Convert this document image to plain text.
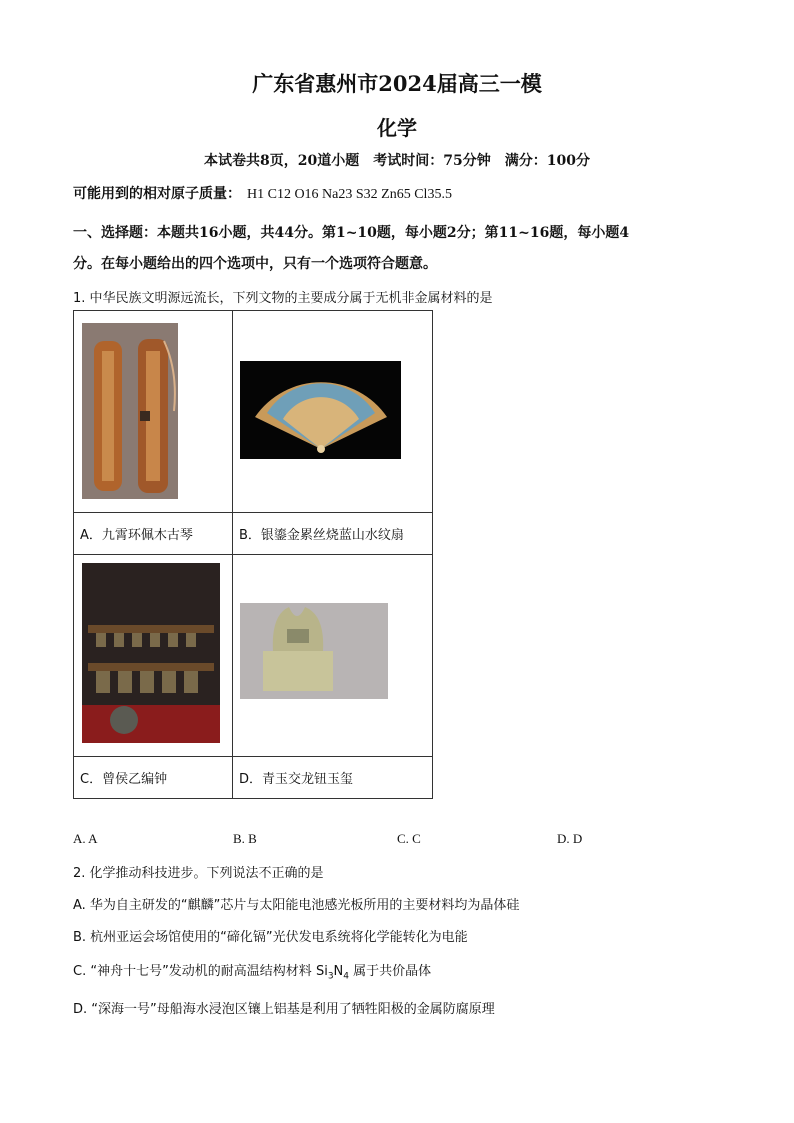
广东省惠州市2024届高三一模
化学
本试卷共8页，20道小题　考试时间：75分钟　满分：100分
可能用到的相对原子质量： H1 C12 O16 Na23 S32 Zn65 Cl35.5
一、选择题：本题共16小题，共44分。第1~10题，每小题2分；第11~16题，每小题4
分。在每小题给出的四个选项中，只有一个选项符合题意。
1. 中华民族文明源远流长，下列文物的主要成分属于无机非金属材料的是

A．九霄环佩木古琴	B．银鎏金累丝烧蓝山水纹扇

C．曾侯乙编钟	D．青玉交龙钮玉玺
A. A	B. B	C. C	D. D
2. 化学推动科技进步。下列说法不正确的是
A. 华为自主研发的“麒麟”芯片与太阳能电池感光板所用的主要材料均为晶体硅
B. 杭州亚运会场馆使用的“碲化镉”光伏发电系统将化学能转化为电能
C. “神舟十七号”发动机的耐高温结构材料 $Si_3N_4$ 属于共价晶体
D. “深海一号”母船海水浸泡区镶上铝基是利用了牺牲阳极的金属防腐原理
